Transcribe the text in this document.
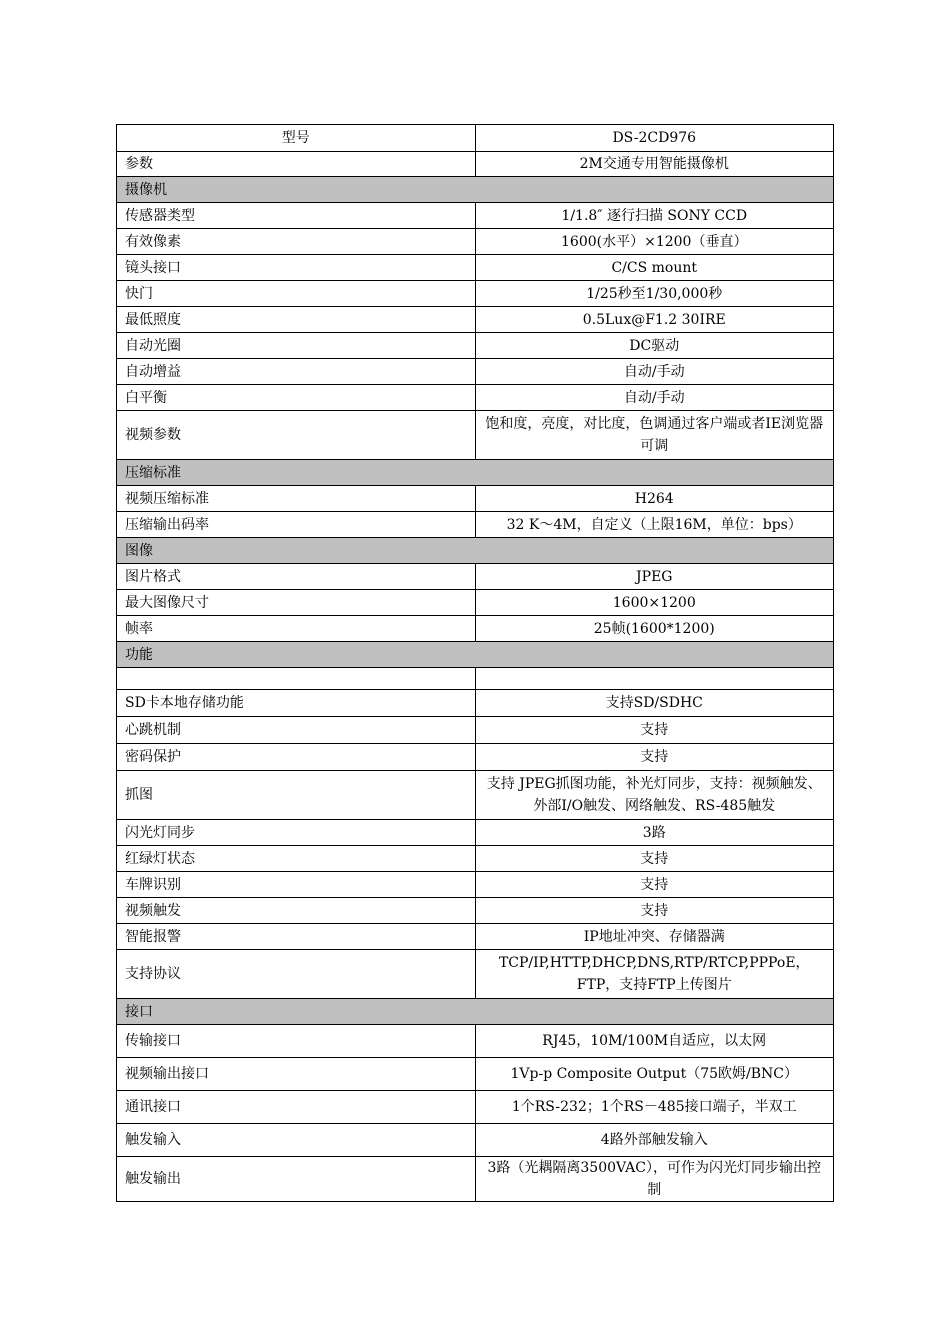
型号	DS-2CD976
参数	2M交通专用智能摄像机
摄像机	
传感器类型	1/1.8″ 逐行扫描 SONY CCD
有效像素	1600(水平）×1200（垂直）
镜头接口	C/CS mount
快门	1/25秒至1/30,000秒
最低照度	0.5Lux@F1.2 30IRE
自动光圈	DC驱动
自动增益	自动/手动
白平衡	自动/手动
视频参数	饱和度，亮度，对比度，色调通过客户端或者IE浏览器可调
压缩标准	
视频压缩标准	H264
压缩输出码率	32 K～4M，自定义（上限16M，单位：bps）
图像	
图片格式	JPEG
最大图像尺寸	1600×1200
帧率	25帧(1600*1200)
功能	

SD卡本地存储功能	支持SD/SDHC
心跳机制	支持
密码保护	支持
抓图	支持 JPEG抓图功能，补光灯同步，支持：视频触发、外部I/O触发、网络触发、RS-485触发
闪光灯同步	3路
红绿灯状态	支持
车牌识别	支持
视频触发	支持
智能报警	IP地址冲突、存储器满
支持协议	TCP/IP,HTTP,DHCP,DNS,RTP/RTCP,PPPoE，FTP，支持FTP上传图片
接口	
传输接口	RJ45，10M/100M自适应，以太网
视频输出接口	1Vp-p Composite Output（75欧姆/BNC）
通讯接口	1个RS-232；1个RS－485接口端子，半双工
触发输入	4路外部触发输入
触发输出	3路（光耦隔离3500VAC），可作为闪光灯同步输出控制
